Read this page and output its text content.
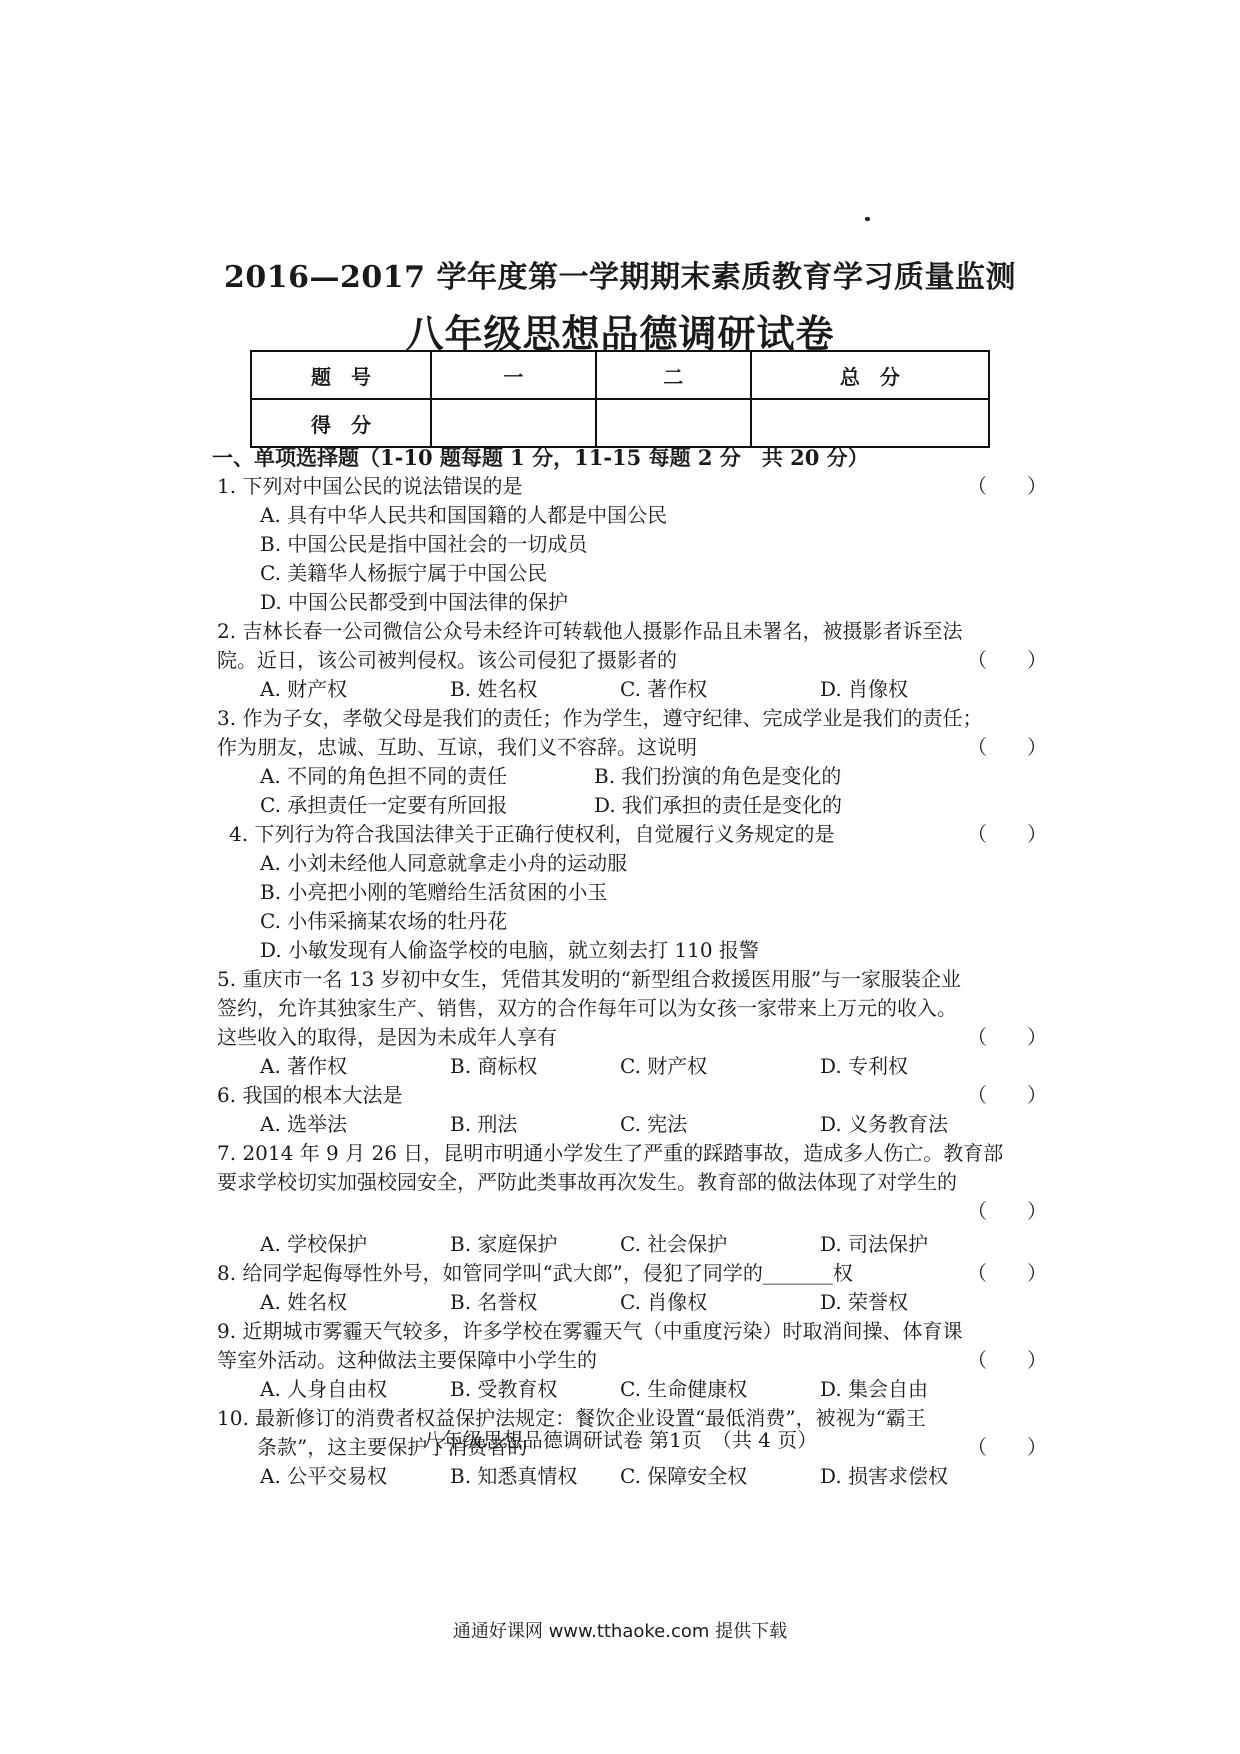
2016—2017 学年度第一学期期末素质教育学习质量监测
八年级思想品德调研试卷
题　号	一	二	总　分
得　分			
一、单项选择题（1-10 题每题 1 分，11-15 每题 2 分　共 20 分）
1. 下列对中国公民的说法错误的是	（　　）
A. 具有中华人民共和国国籍的人都是中国公民
B. 中国公民是指中国社会的一切成员
C. 美籍华人杨振宁属于中国公民
D. 中国公民都受到中国法律的保护
2. 吉林长春一公司微信公众号未经许可转载他人摄影作品且未署名，被摄影者诉至法
院。近日，该公司被判侵权。该公司侵犯了摄影者的	（　　）
A. 财产权	B. 姓名权	C. 著作权	D. 肖像权
3. 作为子女，孝敬父母是我们的责任；作为学生，遵守纪律、完成学业是我们的责任；
作为朋友，忠诚、互助、互谅，我们义不容辞。这说明	（　　）
A. 不同的角色担不同的责任	B. 我们扮演的角色是变化的
C. 承担责任一定要有所回报	D. 我们承担的责任是变化的
4. 下列行为符合我国法律关于正确行使权利，自觉履行义务规定的是	（　　）
A. 小刘未经他人同意就拿走小舟的运动服
B. 小亮把小刚的笔赠给生活贫困的小玉
C. 小伟采摘某农场的牡丹花
D. 小敏发现有人偷盗学校的电脑，就立刻去打 110 报警
5. 重庆市一名 13 岁初中女生，凭借其发明的“新型组合救援医用服”与一家服装企业
签约，允许其独家生产、销售，双方的合作每年可以为女孩一家带来上万元的收入。
这些收入的取得，是因为未成年人享有	（　　）
A. 著作权	B. 商标权	C. 财产权	D. 专利权
6. 我国的根本大法是	（　　）
A. 选举法	B. 刑法	C. 宪法	D. 义务教育法
7. 2014 年 9 月 26 日，昆明市明通小学发生了严重的踩踏事故，造成多人伤亡。教育部
要求学校切实加强校园安全，严防此类事故再次发生。教育部的做法体现了对学生的
（　　）
A. 学校保护	B. 家庭保护	C. 社会保护	D. 司法保护
8. 给同学起侮辱性外号，如管同学叫“武大郎”，侵犯了同学的_______权	（　　）
A. 姓名权	B. 名誉权	C. 肖像权	D. 荣誉权
9. 近期城市雾霾天气较多，许多学校在雾霾天气（中重度污染）时取消间操、体育课
等室外活动。这种做法主要保障中小学生的	（　　）
A. 人身自由权	B. 受教育权	C. 生命健康权	D. 集会自由
10. 最新修订的消费者权益保护法规定：餐饮企业设置“最低消费”，被视为“霸王
　　条款”，这主要保护了消费者的	（　　）
A. 公平交易权	B. 知悉真情权	C. 保障安全权	D. 损害求偿权
八年级思想品德调研试卷 第1页　（共 4 页）
通通好课网 www.tthaoke.com 提供下载
